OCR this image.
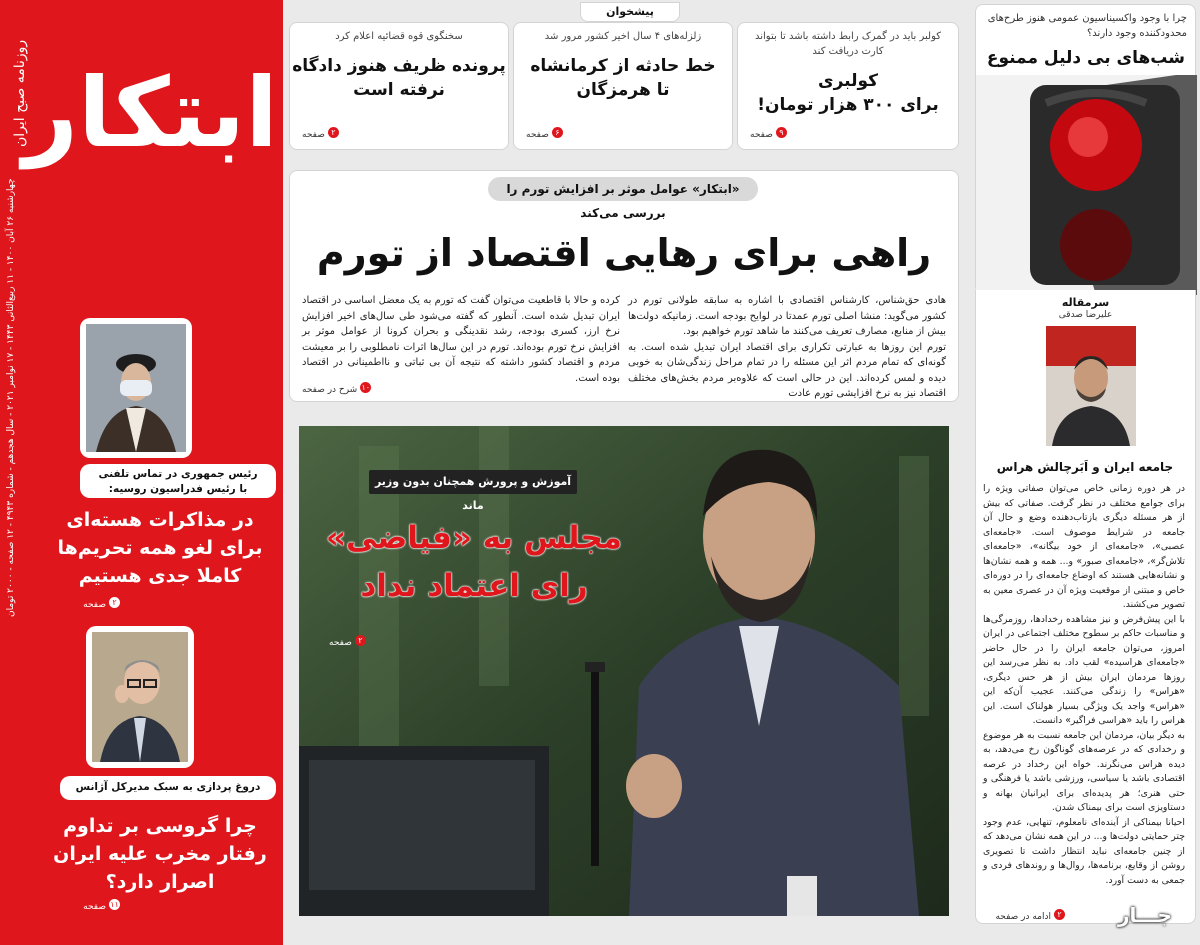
ابتکار
روزنامه صبح ایران
چهارشنبه ۲۶ آبان ۱۴۰۰ - ۱۱ ربیع‌الثانی ۱۴۴۳ - ۱۷ نوامبر ۲۰۲۱ - سال هجدهم - شماره ۴۹۴۳ - ۱۲ صفحه - ۲۰۰۰ تومان
رئیس جمهوری در تماس تلفنی
با رئیس فدراسیون روسیه:
در مذاکرات هسته‌ای
برای لغو همه تحریم‌ها
کاملا جدی هستیم
۲صفحه
دروغ پردازی به سبک مدیرکل آژانس
چرا گروسی بر تداوم
رفتار مخرب علیه ایران
اصرار دارد؟
۱۱صفحه
پیشخوان
کولبر باید در گمرک رابط داشته باشد تا بتواند کارت دریافت کند
کولبری
برای ۳۰۰ هزار تومان!
۹صفحه
زلزله‌های ۴ سال اخیر کشور مرور شد
خط حادثه از کرمانشاه
تا هرمزگان
۶صفحه
سخنگوی قوه قضائیه اعلام کرد
پرونده ظریف هنوز دادگاه
نرفته است
۲صفحه
«ابتکار» عوامل موثر بر افزایش تورم را بررسی می‌کند
راهی برای رهایی اقتصاد از تورم
هادی حق‌شناس، کارشناس اقتصادی با اشاره به سابقه طولانی تورم در کشور می‌گوید: منشا اصلی تورم عمدتا در لوایح بودجه است. زمانیکه دولت‌ها بیش از منابع، مصارف تعریف می‌کنند ما شاهد تورم خواهیم بود.
تورم این روزها به عبارتی تکراری برای اقتصاد ایران تبدیل شده است. به گونه‌ای که تمام مردم اثر این مسئله را در تمام مراحل زندگی‌شان به خوبی دیده و لمس کرده‌اند. این در حالی است که علاوه‌بر مردم بخش‌های مختلف اقتصاد نیز به نرخ افزایشی تورم عادت
کرده و حالا با قاطعیت می‌توان گفت که تورم به یک معضل اساسی در اقتصاد ایران تبدیل شده است. آنطور که گفته می‌شود طی سال‌های اخیر افزایش نرخ ارز، کسری بودجه، رشد نقدینگی و بحران کرونا از عوامل موثر بر افزایش نرخ تورم بوده‌اند. تورم در این سال‌ها اثرات نامطلوبی را بر معیشت مردم و اقتصاد کشور داشته که نتیجه آن بی ثباتی و نااطمینانی در اقتصاد بوده است.
۱۰شرح در صفحه
آموزش و پرورش همچنان بدون وزیر ماند
مجلس به «فیاضی»
رای اعتماد نداد
۲صفحه
چرا با وجود واکسیناسیون عمومی هنوز طرح‌های محدودکننده وجود دارند؟
شب‌های بی دلیل ممنوع
سرمقاله
علیرضا صدقی
جامعه ایران و اَبَرچالش هراس
در هر دوره زمانی خاص می‌توان صفاتی ویژه را برای جوامع مختلف در نظر گرفت. صفاتی که بیش از هر مسئله دیگری بازتاب‌دهنده وضع و حال آن جامعه در شرایط موصوف است. «جامعه‌ای عصبی»، «جامعه‌ای از خود بیگانه»، «جامعه‌ای تلاش‌گر»، «جامعه‌ای صبور» و... همه و همه نشان‌ها و نشانه‌هایی هستند که اوضاع جامعه‌ای را در دوره‌ای خاص و مبتنی از موقعیت ویژه آن در عصری معین به تصویر می‌کشند.
با این پیش‌فرض و نیز مشاهده رخدادها، روزمرگی‌ها و مناسبات حاکم بر سطوح مختلف اجتماعی در ایران امروز، می‌توان جامعه ایران را در حال حاضر «جامعه‌ای هراسیده» لقب داد. به نظر می‌رسد این روزها مردمان ایران بیش از هر حس دیگری، «هراس» را زندگی می‌کنند. عجیب آن‌که این «هراس» واجد یک ویژگی بسیار هولناک است. این هراس را باید «هراسی فراگیر» دانست.
به دیگر بیان، مردمان این جامعه نسبت به هر موضوع و رخدادی که در عرصه‌های گوناگون رخ می‌دهد، به دیده هراس می‌نگرند. خواه این رخداد در عرصه اقتصادی باشد یا سیاسی، ورزشی باشد یا فرهنگی و حتی هنری؛ هر پدیده‌ای برای ایرانیان بهانه و دستاویزی است برای بیمناک شدن.
احیانا بیمناکی از آینده‌ای نامعلوم، تنهایی، عدم وجود چتر حمایتی دولت‌ها و... در این همه نشان می‌دهد که از چنین جامعه‌ای نباید انتظار داشت تا تصویری روشن از وقایع، برنامه‌ها، روال‌ها و روندهای فردی و جمعی به دست آورد.
۲ادامه در صفحه	جـــار
